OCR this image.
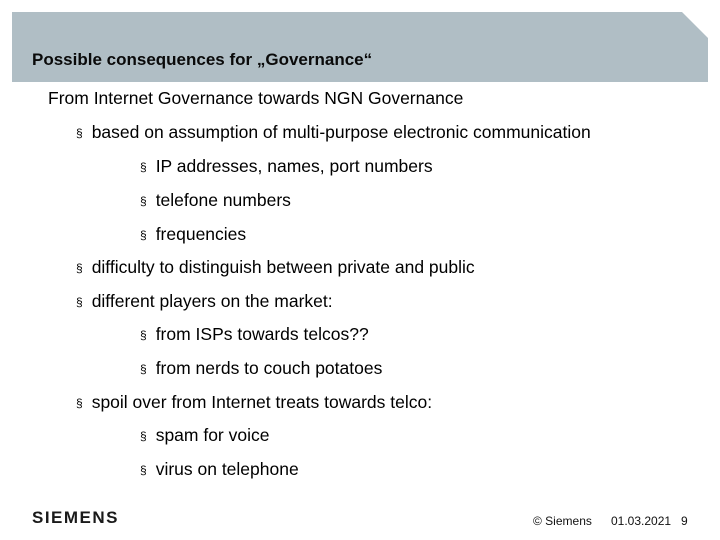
Possible consequences for „Governance“
From Internet Governance towards NGN Governance
§ based on assumption of multi-purpose electronic communication
§ IP addresses, names, port numbers
§ telefone numbers
§ frequencies
§ difficulty to distinguish between private and public
§ different players on the market:
§ from ISPs towards telcos??
§ from nerds to couch potatoes
§ spoil over from Internet treats towards telco:
§ spam for voice
§ virus on telephone
SIEMENS	© Siemens 01.03.2021 9
